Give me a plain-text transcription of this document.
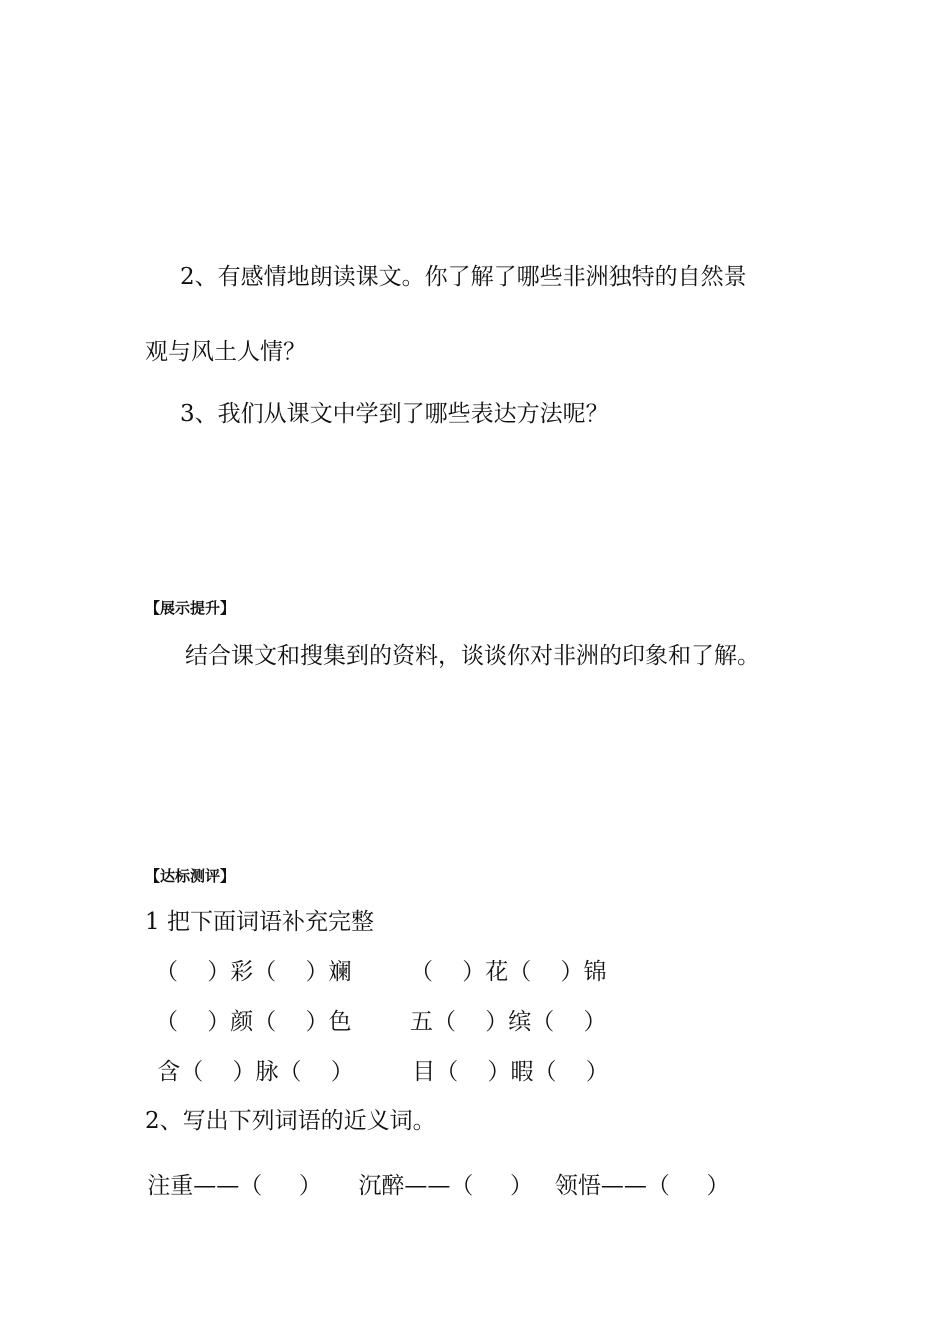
2、有感情地朗读课文。你了解了哪些非洲独特的自然景
观与风土人情？
3、我们从课文中学到了哪些表达方法呢？
【展示提升】
结合课文和搜集到的资料，谈谈你对非洲的印象和了解。
【达标测评】
1 把下面词语补充完整
（    ）彩（    ）斓        （    ）花（    ）锦
（    ）颜（    ）色        五（    ）缤（    ）
含（    ）脉（    ）        目（    ）暇（    ）
2、写出下列词语的近义词。
注重——（     ）     沉醉——（     ）   领悟——（     ）
